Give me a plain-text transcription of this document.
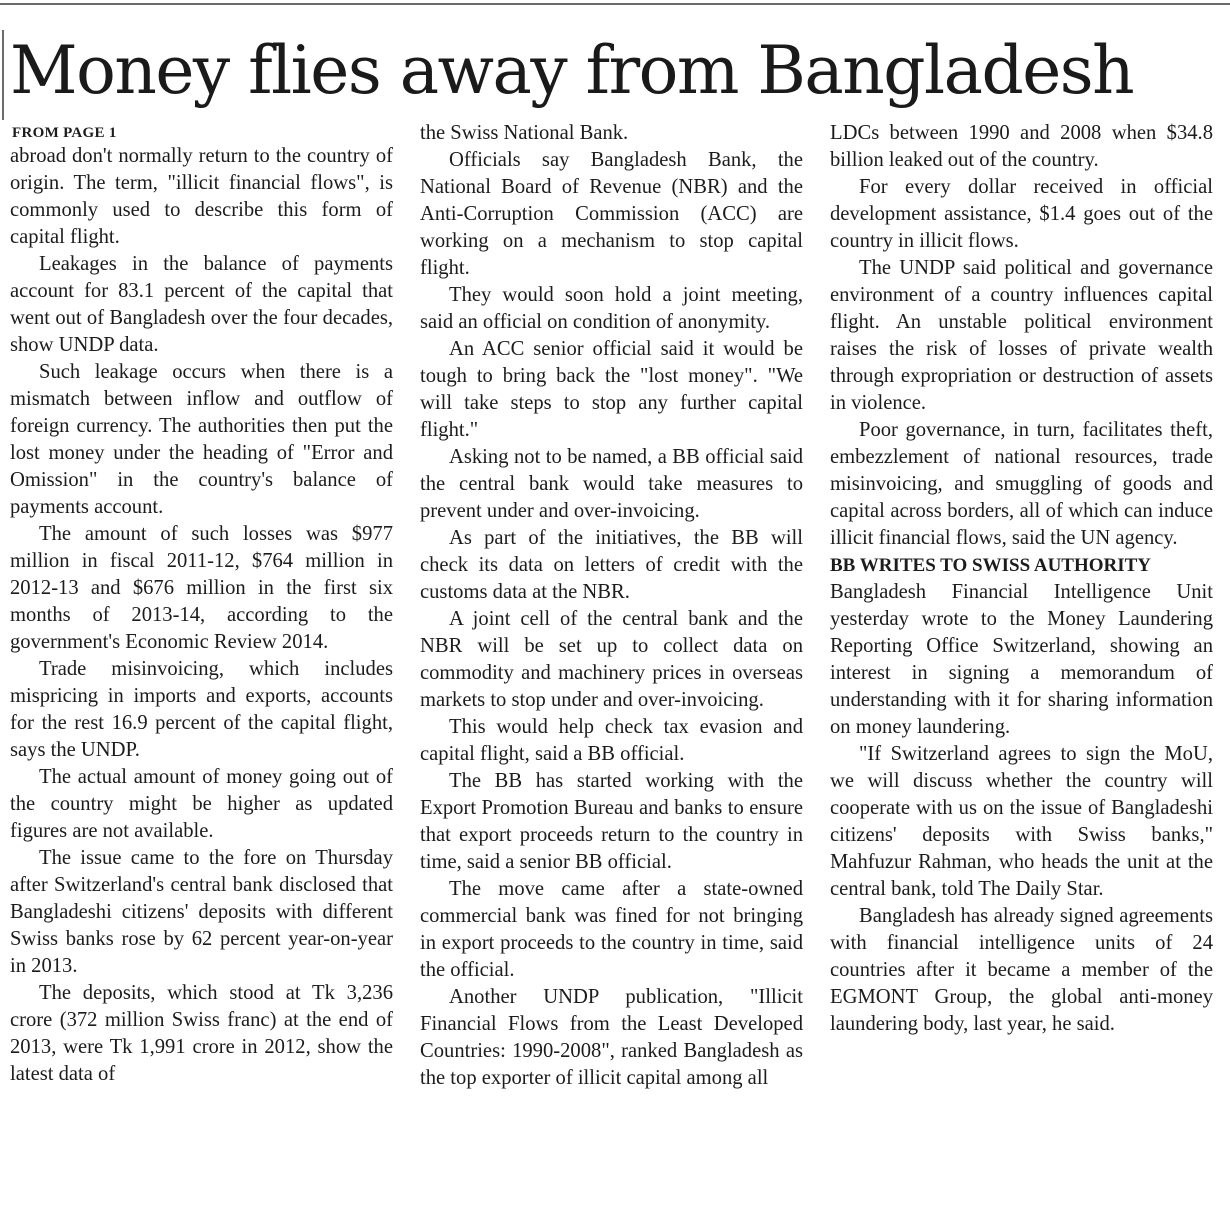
Money flies away from Bangladesh
FROM PAGE 1

abroad don't normally return to the country of origin. The term, "illicit financial flows", is commonly used to describe this form of capital flight.

Leakages in the balance of payments account for 83.1 percent of the capital that went out of Bangladesh over the four decades, show UNDP data.

Such leakage occurs when there is a mismatch between inflow and outflow of foreign currency. The authorities then put the lost money under the heading of "Error and Omission" in the country's balance of payments account.

The amount of such losses was $977 million in fiscal 2011-12, $764 million in 2012-13 and $676 million in the first six months of 2013-14, according to the government's Economic Review 2014.

Trade misinvoicing, which includes mispricing in imports and exports, accounts for the rest 16.9 percent of the capital flight, says the UNDP.

The actual amount of money going out of the country might be higher as updated figures are not available.

The issue came to the fore on Thursday after Switzerland's central bank disclosed that Bangladeshi citizens' deposits with different Swiss banks rose by 62 percent year-on-year in 2013.

The deposits, which stood at Tk 3,236 crore (372 million Swiss franc) at the end of 2013, were Tk 1,991 crore in 2012, show the latest data of

the Swiss National Bank.

Officials say Bangladesh Bank, the National Board of Revenue (NBR) and the Anti-Corruption Commission (ACC) are working on a mechanism to stop capital flight.

They would soon hold a joint meeting, said an official on condition of anonymity.

An ACC senior official said it would be tough to bring back the "lost money". "We will take steps to stop any further capital flight."

Asking not to be named, a BB official said the central bank would take measures to prevent under and over-invoicing.

As part of the initiatives, the BB will check its data on letters of credit with the customs data at the NBR.

A joint cell of the central bank and the NBR will be set up to collect data on commodity and machinery prices in overseas markets to stop under and over-invoicing.

This would help check tax evasion and capital flight, said a BB official.

The BB has started working with the Export Promotion Bureau and banks to ensure that export proceeds return to the country in time, said a senior BB official.

The move came after a state-owned commercial bank was fined for not bringing in export proceeds to the country in time, said the official.

Another UNDP publication, "Illicit Financial Flows from the Least Developed Countries: 1990-2008", ranked Bangladesh as the top exporter of illicit capital among all

LDCs between 1990 and 2008 when $34.8 billion leaked out of the country.

For every dollar received in official development assistance, $1.4 goes out of the country in illicit flows.

The UNDP said political and governance environment of a country influences capital flight. An unstable political environment raises the risk of losses of private wealth through expropriation or destruction of assets in violence.

Poor governance, in turn, facilitates theft, embezzlement of national resources, trade misinvoicing, and smuggling of goods and capital across borders, all of which can induce illicit financial flows, said the UN agency.

BB WRITES TO SWISS AUTHORITY

Bangladesh Financial Intelligence Unit yesterday wrote to the Money Laundering Reporting Office Switzerland, showing an interest in signing a memorandum of understanding with it for sharing information on money laundering.

"If Switzerland agrees to sign the MoU, we will discuss whether the country will cooperate with us on the issue of Bangladeshi citizens' deposits with Swiss banks," Mahfuzur Rahman, who heads the unit at the central bank, told The Daily Star.

Bangladesh has already signed agreements with financial intelligence units of 24 countries after it became a member of the EGMONT Group, the global anti-money laundering body, last year, he said.
